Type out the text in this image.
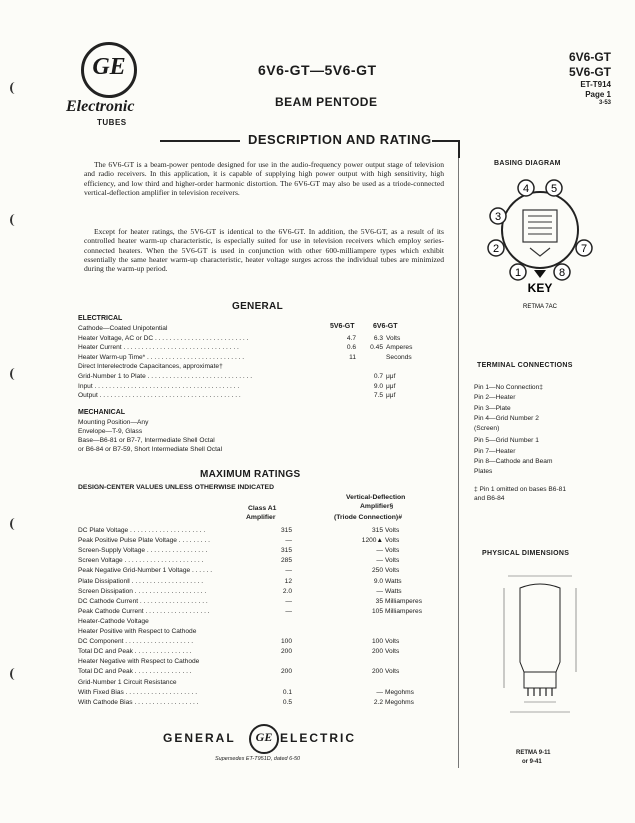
GE
Electronic
TUBES
6V6-GT—5V6-GT
BEAM PENTODE
6V6-GT
5V6-GT
ET-T914
Page 1
3-53
DESCRIPTION AND RATING

The 6V6-GT is a beam-power pentode designed for use in the audio-frequency power output stage of television and radio receivers. In this application, it is capable of supplying high power output with high sensitivity, high efficiency, and low third and higher-order harmonic distortion. The 6V6-GT may also be used as a triode-connected vertical-deflection amplifier in television receivers.

Except for heater ratings, the 5V6-GT is identical to the 6V6-GT. In addition, the 5V6-GT, as a result of its controlled heater warm-up characteristic, is especially suited for use in television receivers which employ series-connected heaters. When the 5V6-GT is used in conjunction with other 600-milliampere types which exhibit essentially the same heater warm-up characteristic, heater voltage surges across the individual tubes are minimized during the warm-up period.

GENERAL
ELECTRICAL
5V6-GT	6V6-GT
Cathode—Coated Unipotential
Heater Voltage, AC or DC . . . . . . . . . . . . . . . . . . . . . . . . . .	4.7	6.3 Volts
Heater Current . . . . . . . . . . . . . . . . . . . . . . . . . . . . . . . .	0.6	0.45 Amperes
Heater Warm-up Time* . . . . . . . . . . . . . . . . . . . . . . . . . . .	11	Seconds
Direct Interelectrode Capacitances, approximate†
Grid-Number 1 to Plate . . . . . . . . . . . . . . . . . . . . . . . . . . . . .	0.7 μμf
Input . . . . . . . . . . . . . . . . . . . . . . . . . . . . . . . . . . . . . . . .	9.0 μμf
Output . . . . . . . . . . . . . . . . . . . . . . . . . . . . . . . . . . . . . . .	7.5 μμf
MECHANICAL
Mounting Position—Any
Envelope—T-9, Glass
Base—B6-81 or B7-7, Intermediate Shell Octal
or B6-84 or B7-59, Short Intermediate Shell Octal
MAXIMUM RATINGS
DESIGN-CENTER VALUES UNLESS OTHERWISE INDICATED
Vertical-Deflection
Amplifier§
Class A1
Amplifier	(Triode Connection)#
DC Plate Voltage . . . . . . . . . . . . . . . . . . . . .	315	315 Volts
Peak Positive Pulse Plate Voltage . . . . . . . . .	—	1200▲ Volts
Screen-Supply Voltage . . . . . . . . . . . . . . . . .	315	— Volts
Screen Voltage . . . . . . . . . . . . . . . . . . . . . .	285	— Volts
Peak Negative Grid-Number 1 Voltage . . . . . .	—	250 Volts
Plate Dissipation‖ . . . . . . . . . . . . . . . . . . . .	12	9.0 Watts
Screen Dissipation . . . . . . . . . . . . . . . . . . . .	2.0	— Watts
DC Cathode Current . . . . . . . . . . . . . . . . . . .	—	35 Milliamperes
Peak Cathode Current . . . . . . . . . . . . . . . . . .	—	105 Milliamperes
Heater-Cathode Voltage
Heater Positive with Respect to Cathode
DC Component . . . . . . . . . . . . . . . . . . .	100	100 Volts
Total DC and Peak . . . . . . . . . . . . . . . .	200	200 Volts
Heater Negative with Respect to Cathode
Total DC and Peak . . . . . . . . . . . . . . . .	200	200 Volts
Grid-Number 1 Circuit Resistance
With Fixed Bias . . . . . . . . . . . . . . . . . . . .	0.1	— Megohms
With Cathode Bias . . . . . . . . . . . . . . . . . .	0.5	2.2 Megohms
BASING DIAGRAM
4 5
3
2	7
1	8
KEY
RETMA 7AC
TERMINAL CONNECTIONS
Pin 1—No Connection‡
Pin 2—Heater
Pin 3—Plate
Pin 4—Grid Number 2
(Screen)
Pin 5—Grid Number 1
Pin 7—Heater
Pin 8—Cathode and Beam
Plates
‡ Pin 1 omitted on bases B6-81
and B6-84
PHYSICAL DIMENSIONS
RETMA 9-11
or 9-41
GENERAL	GE ELECTRIC
Supersedes ET-T951D, dated 6-50
